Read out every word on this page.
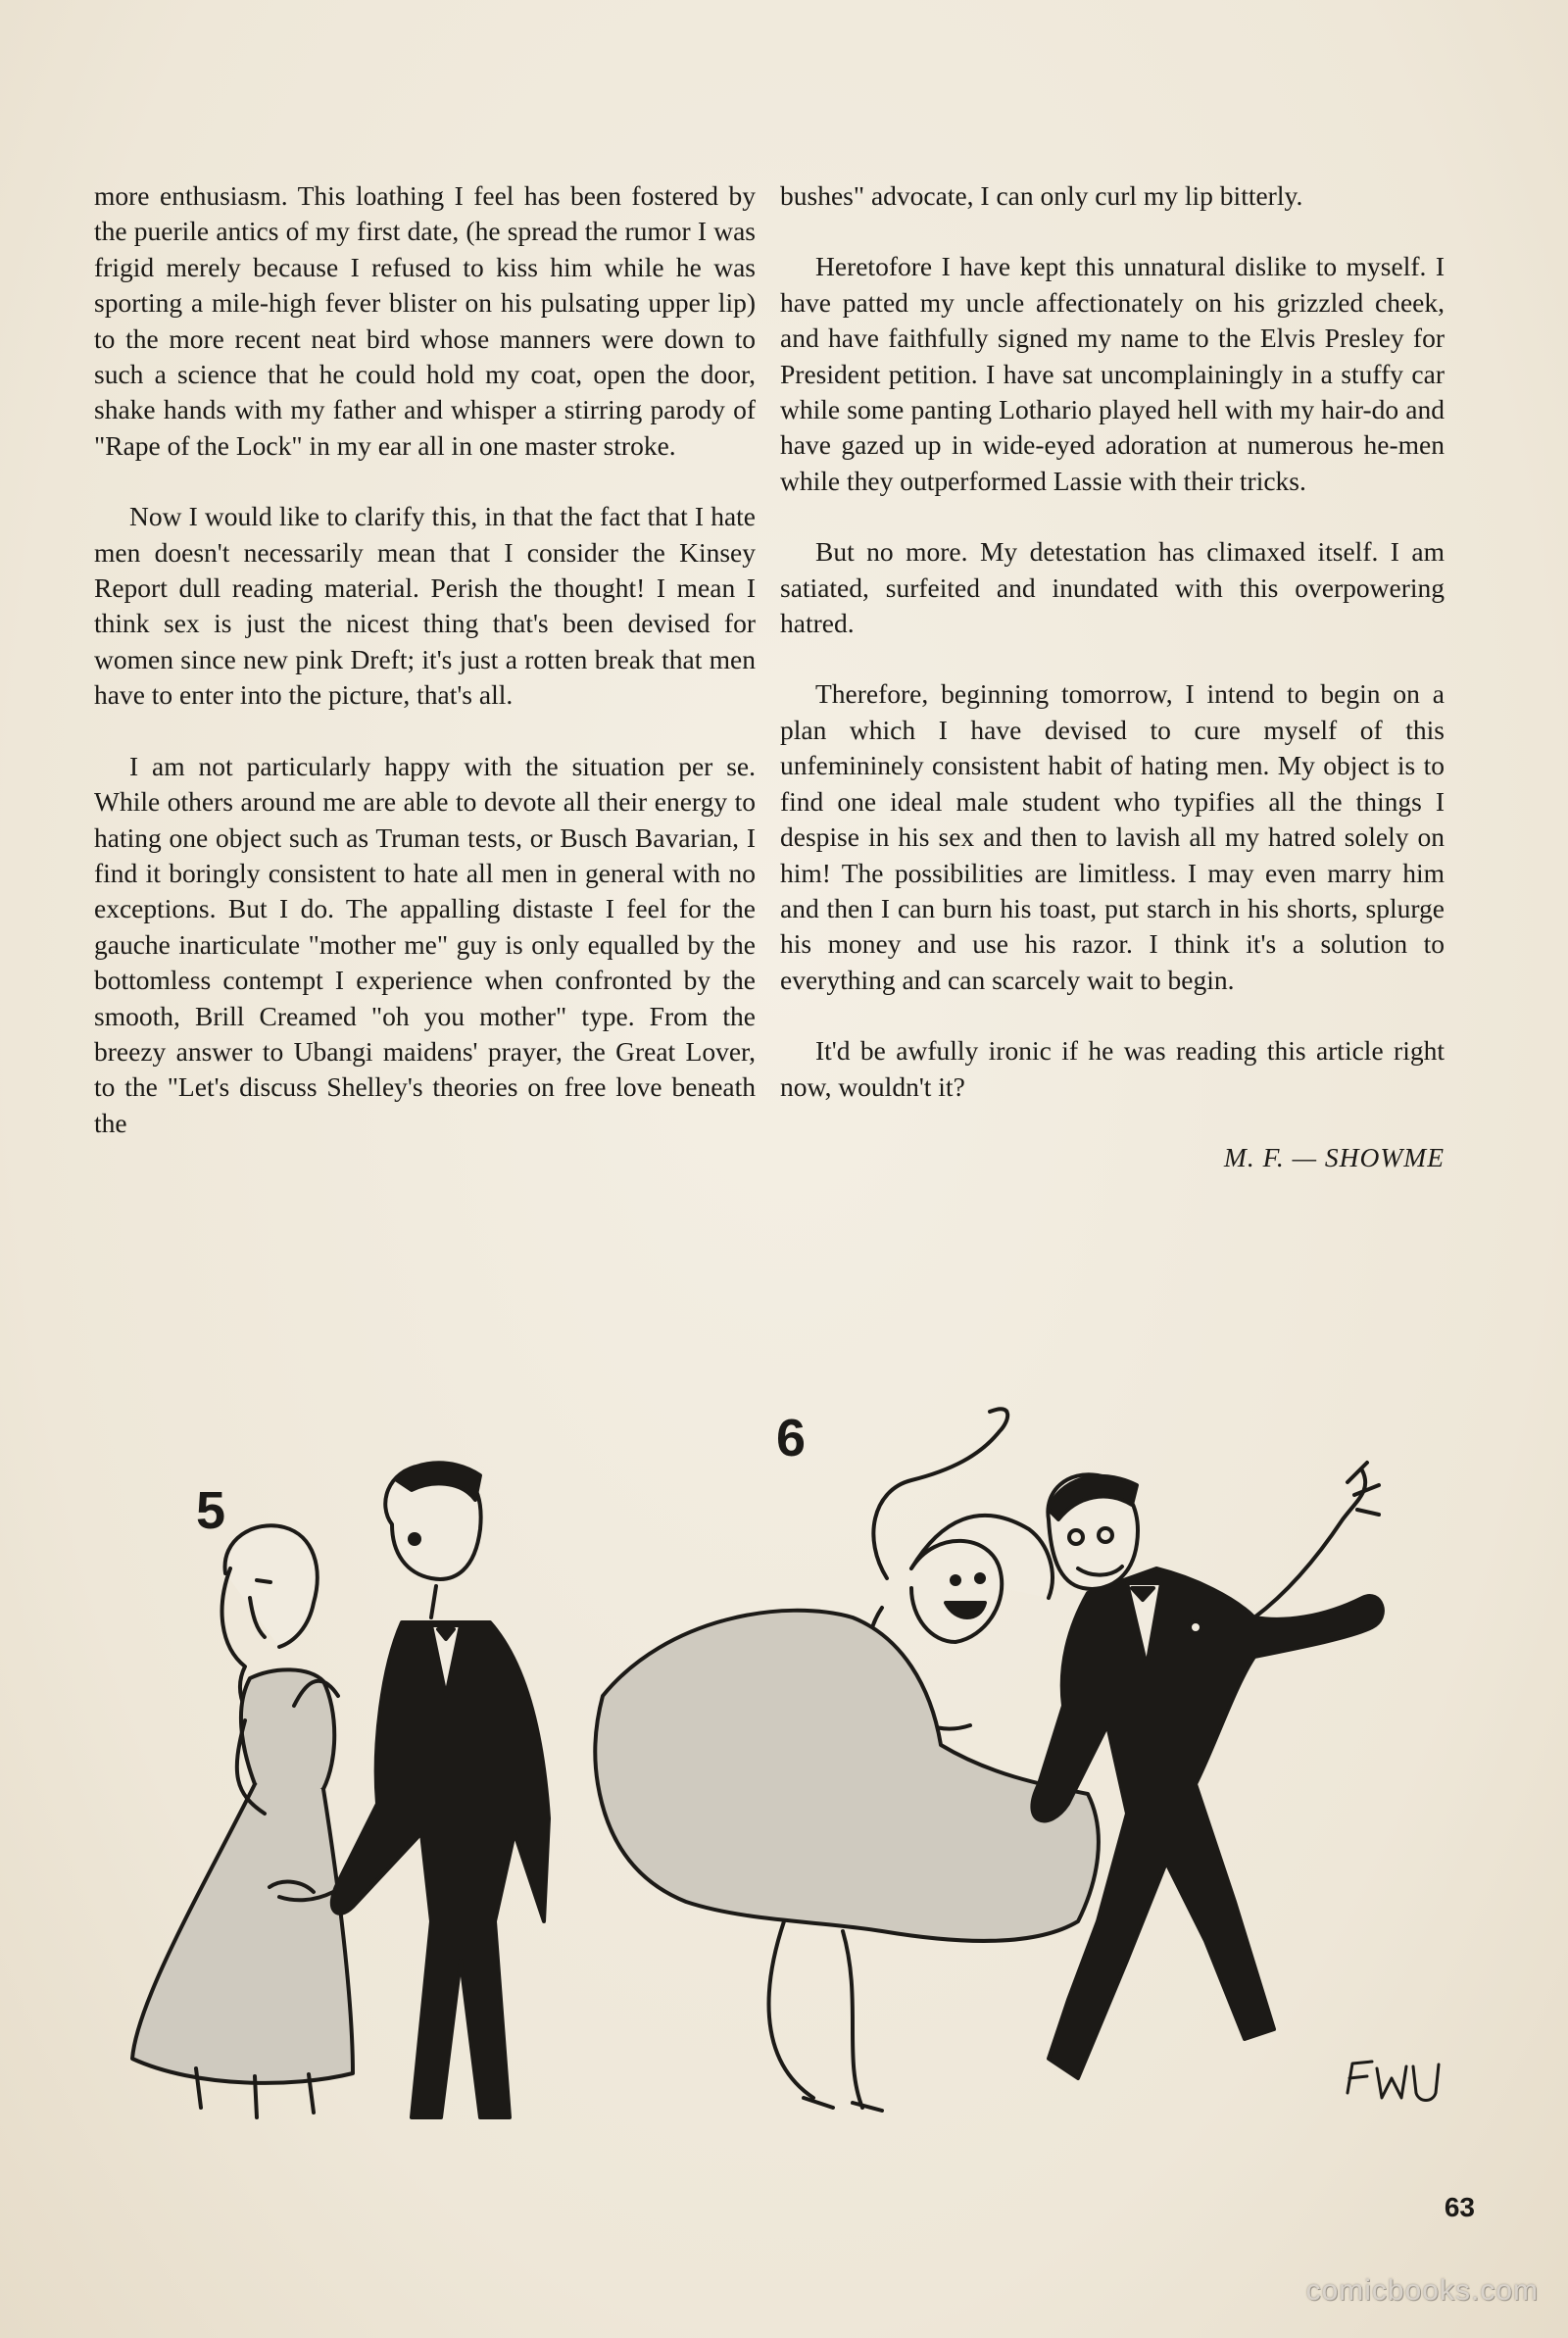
more enthusiasm. This loathing I feel has been fostered by the puerile antics of my first date, (he spread the rumor I was frigid merely because I refused to kiss him while he was sporting a mile-high fever blister on his pulsating upper lip) to the more recent neat bird whose manners were down to such a science that he could hold my coat, open the door, shake hands with my father and whisper a stirring parody of "Rape of the Lock" in my ear all in one master stroke.

Now I would like to clarify this, in that the fact that I hate men doesn't necessarily mean that I consider the Kinsey Report dull reading material. Perish the thought! I mean I think sex is just the nicest thing that's been devised for women since new pink Dreft; it's just a rotten break that men have to enter into the picture, that's all.

I am not particularly happy with the situation per se. While others around me are able to devote all their energy to hating one object such as Truman tests, or Busch Bavarian, I find it boringly consistent to hate all men in general with no exceptions. But I do. The appalling distaste I feel for the gauche inarticulate "mother me" guy is only equalled by the bottomless contempt I experience when confronted by the smooth, Brill Creamed "oh you mother" type. From the breezy answer to Ubangi maidens' prayer, the Great Lover, to the "Let's discuss Shelley's theories on free love beneath the

bushes" advocate, I can only curl my lip bitterly.

Heretofore I have kept this unnatural dislike to myself. I have patted my uncle affectionately on his grizzled cheek, and have faithfully signed my name to the Elvis Presley for President petition. I have sat uncomplainingly in a stuffy car while some panting Lothario played hell with my hair-do and have gazed up in wide-eyed adoration at numerous he-men while they outperformed Lassie with their tricks.

But no more. My detestation has climaxed itself. I am satiated, surfeited and inundated with this overpowering hatred.

Therefore, beginning tomorrow, I intend to begin on a plan which I have devised to cure myself of this unfemininely consistent habit of hating men. My object is to find one ideal male student who typifies all the things I despise in his sex and then to lavish all my hatred solely on him! The possibilities are limitless. I may even marry him and then I can burn his toast, put starch in his shorts, splurge his money and use his razor. I think it's a solution to everything and can scarcely wait to begin.

It'd be awfully ironic if he was reading this article right now, wouldn't it?

M. F. — SHOWME

5
6
63
comicbooks.com
